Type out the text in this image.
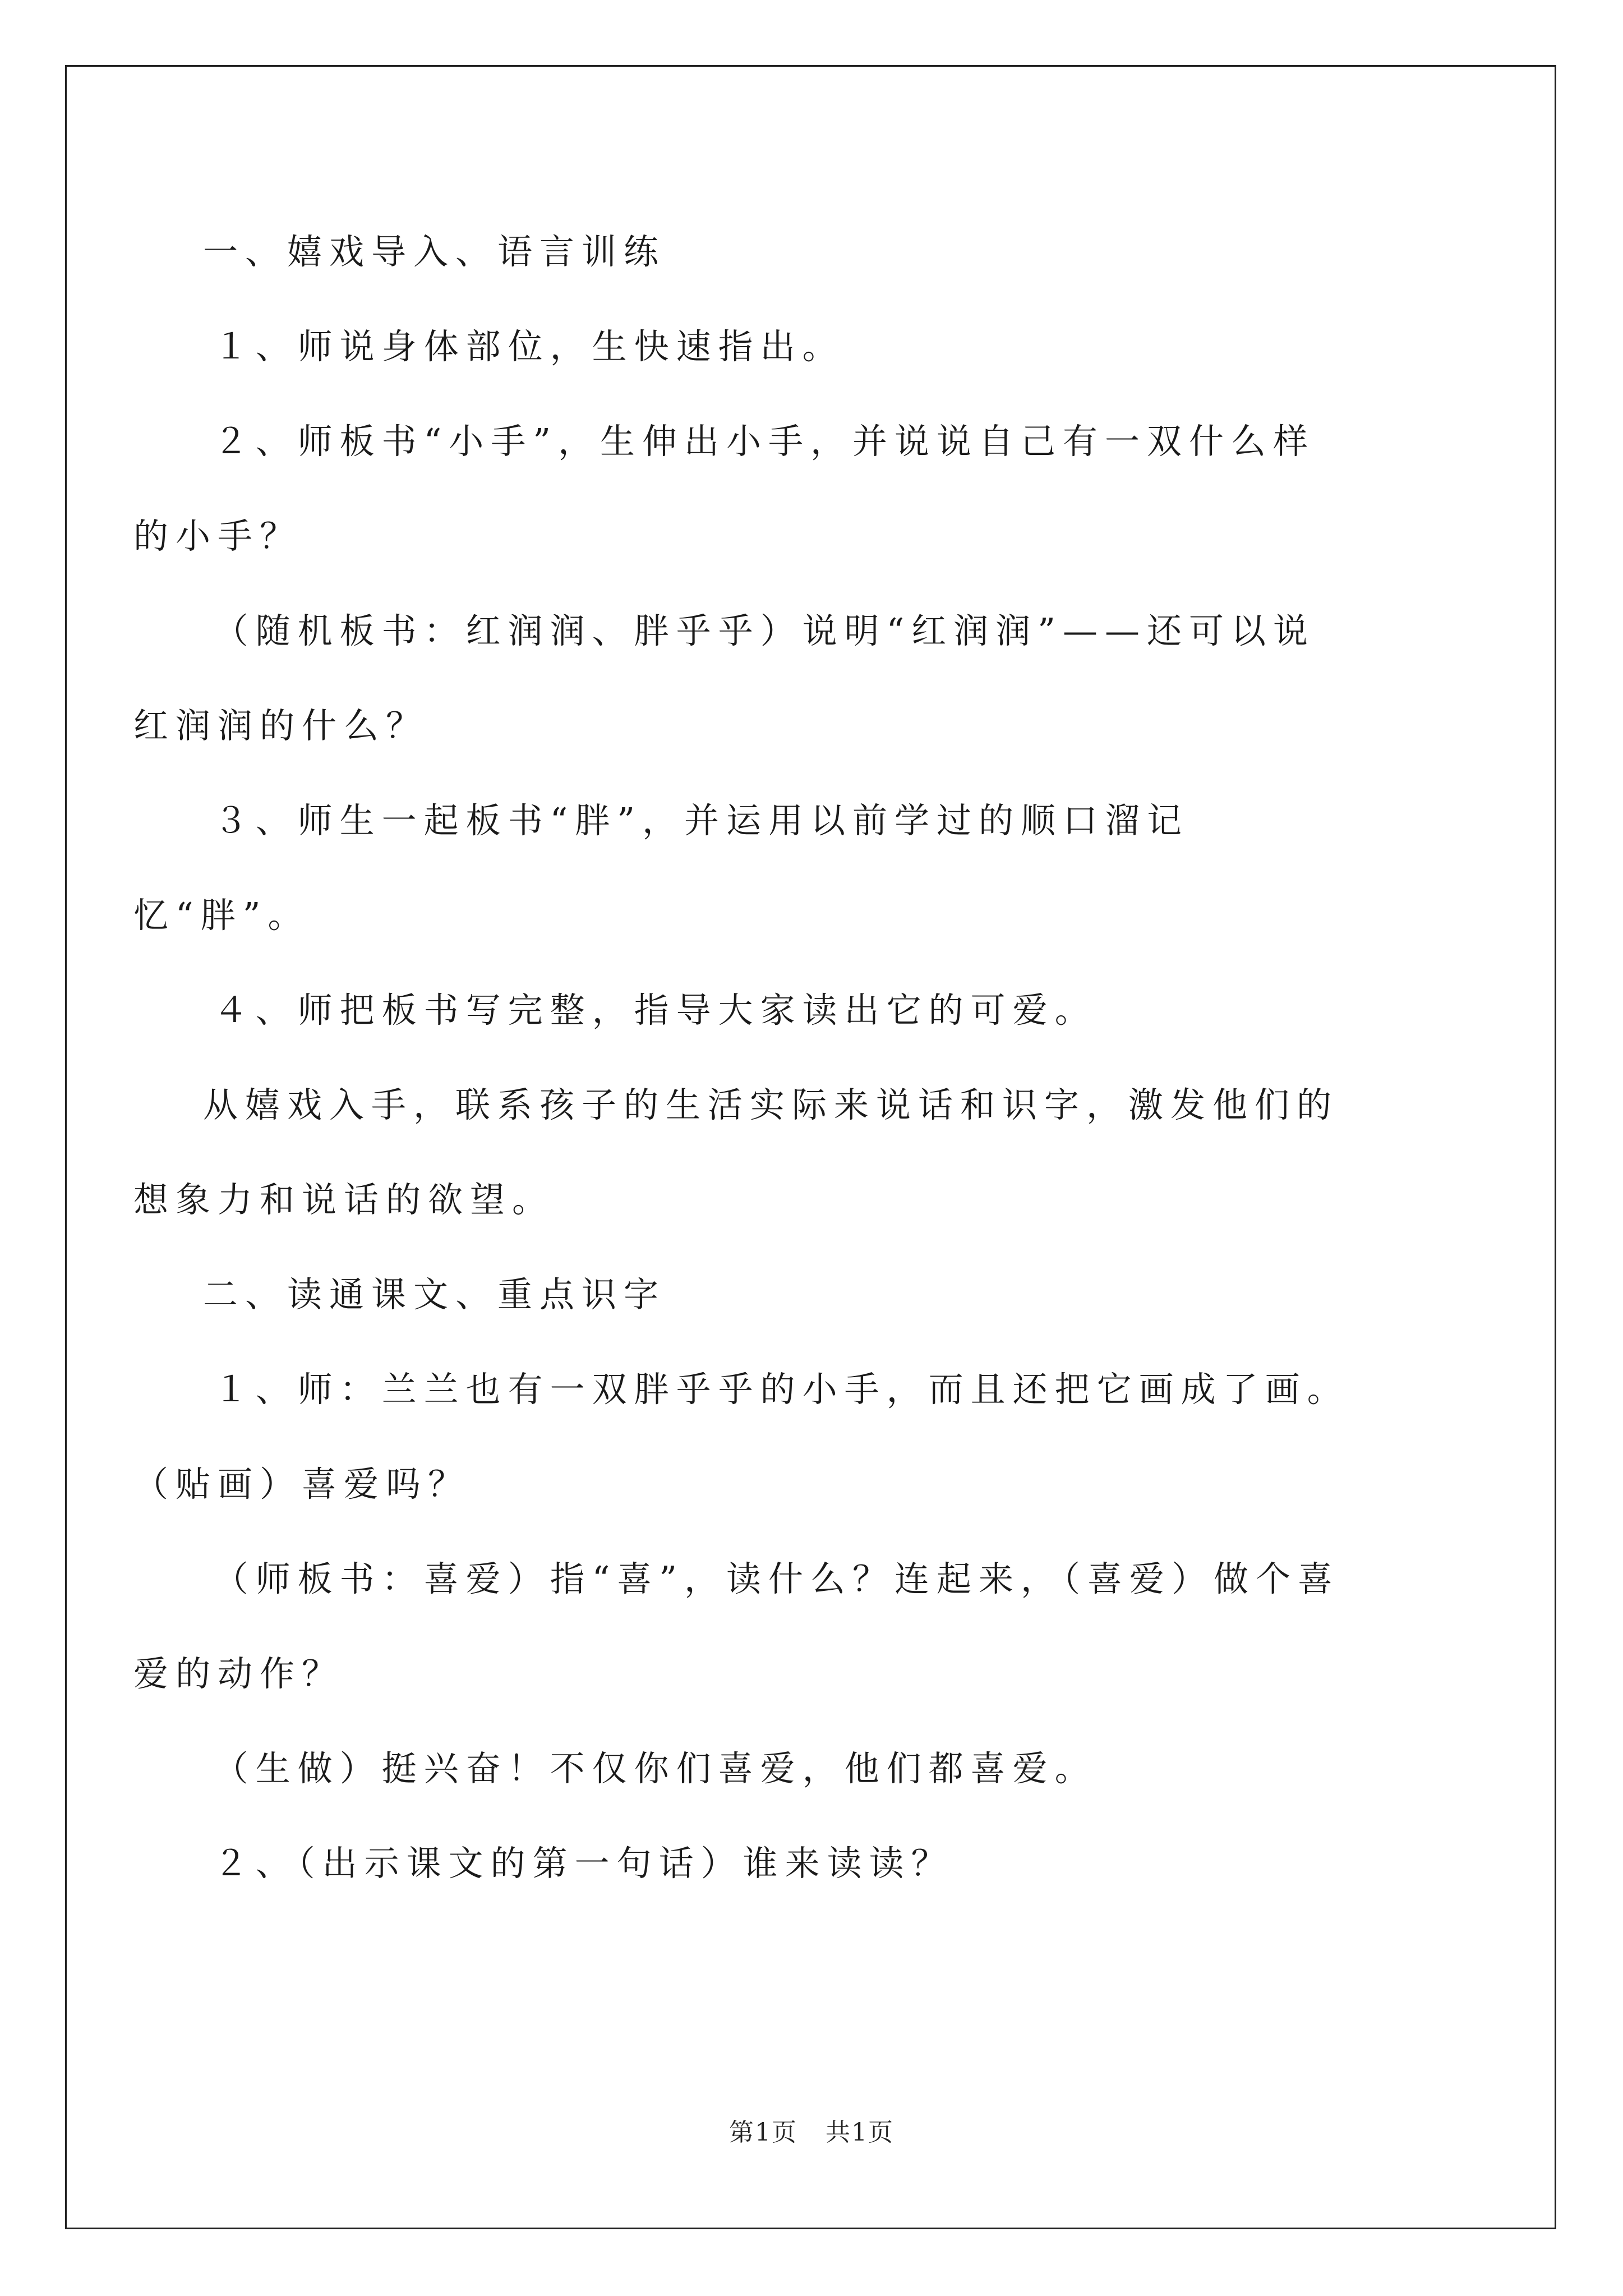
一、嬉戏导入、语言训练

１、师说身体部位，生快速指出。

２、师板书“小手”，生伸出小手，并说说自己有一双什么样的小手？

（随机板书：红润润、胖乎乎）说明“红润润”——还可以说红润润的什么？

３、师生一起板书“胖”，并运用以前学过的顺口溜记忆“胖”。

４、师把板书写完整，指导大家读出它的可爱。

从嬉戏入手，联系孩子的生活实际来说话和识字，激发他们的想象力和说话的欲望。

二、读通课文、重点识字

１、师：兰兰也有一双胖乎乎的小手，而且还把它画成了画。（贴画）喜爱吗？

（师板书：喜爱）指“喜”，读什么？连起来，（喜爱）做个喜爱的动作？

（生做）挺兴奋！不仅你们喜爱，他们都喜爱。

２、（出示课文的第一句话）谁来读读？

第1页 共1页
